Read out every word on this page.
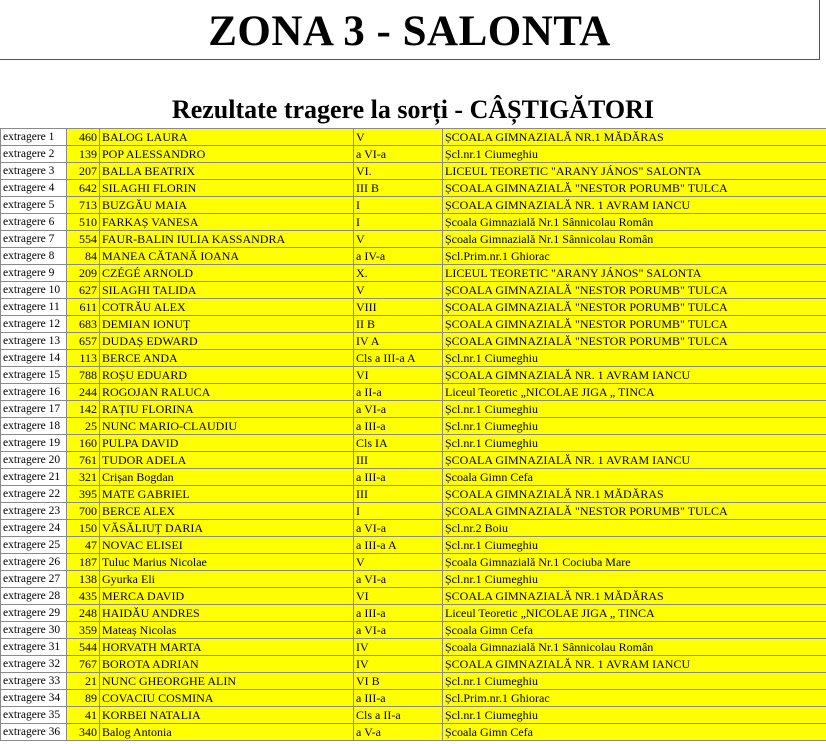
ZONA 3 - SALONTA
Rezultate tragere la sorți - CÂȘTIGĂTORI
extragere 1	460	BALOG LAURA	V	ȘCOALA GIMNAZIALĂ NR.1 MĂDĂRAS
extragere 2	139	POP ALESSANDRO	a VI-a	Șcl.nr.1 Ciumeghiu
extragere 3	207	BALLA BEATRIX	VI.	LICEUL TEORETIC "ARANY JÁNOS" SALONTA
extragere 4	642	SILAGHI FLORIN	III B	ȘCOALA GIMNAZIALĂ "NESTOR PORUMB" TULCA
extragere 5	713	BUZGĂU MAIA	I	ȘCOALA GIMNAZIALĂ NR. 1 AVRAM IANCU
extragere 6	510	FARKAȘ VANESA	I	Școala Gimnazială Nr.1 Sânnicolau Român
extragere 7	554	FAUR-BALIN IULIA KASSANDRA	V	Școala Gimnazială Nr.1 Sânnicolau Român
extragere 8	84	MANEA CĂTANĂ IOANA	a IV-a	Șcl.Prim.nr.1 Ghiorac
extragere 9	209	CZÉGÉ ARNOLD	X.	LICEUL TEORETIC "ARANY JÁNOS" SALONTA
extragere 10	627	SILAGHI TALIDA	V	ȘCOALA GIMNAZIALĂ "NESTOR PORUMB" TULCA
extragere 11	611	COTRĂU ALEX	VIII	ȘCOALA GIMNAZIALĂ "NESTOR PORUMB" TULCA
extragere 12	683	DEMIAN IONUȚ	II B	ȘCOALA GIMNAZIALĂ "NESTOR PORUMB" TULCA
extragere 13	657	DUDAȘ EDWARD	IV A	ȘCOALA GIMNAZIALĂ "NESTOR PORUMB" TULCA
extragere 14	113	BERCE ANDA	Cls a III-a A	Șcl.nr.1 Ciumeghiu
extragere 15	788	ROȘU EDUARD	VI	ȘCOALA GIMNAZIALĂ NR. 1 AVRAM IANCU
extragere 16	244	ROGOJAN RALUCA	a II-a	Liceul Teoretic „NICOLAE JIGA „ TINCA
extragere 17	142	RAȚIU FLORINA	a VI-a	Șcl.nr.1 Ciumeghiu
extragere 18	25	NUNC MARIO-CLAUDIU	a III-a	Șcl.nr.1 Ciumeghiu
extragere 19	160	PULPA DAVID	Cls IA	Șcl.nr.1 Ciumeghiu
extragere 20	761	TUDOR ADELA	III	ȘCOALA GIMNAZIALĂ NR. 1 AVRAM IANCU
extragere 21	321	Crișan Bogdan	a III-a	Școala Gimn Cefa
extragere 22	395	MATE GABRIEL	III	ȘCOALA GIMNAZIALĂ NR.1 MĂDĂRAS
extragere 23	700	BERCE ALEX	I	ȘCOALA GIMNAZIALĂ "NESTOR PORUMB" TULCA
extragere 24	150	VĂSĂLIUȚ DARIA	a VI-a	Șcl.nr.2 Boiu
extragere 25	47	NOVAC ELISEI	a III-a A	Șcl.nr.1 Ciumeghiu
extragere 26	187	Tuluc Marius Nicolae	V	Școala Gimnazială Nr.1 Cociuba Mare
extragere 27	138	Gyurka Eli	a VI-a	Șcl.nr.1 Ciumeghiu
extragere 28	435	MERCA DAVID	VI	ȘCOALA GIMNAZIALĂ NR.1 MĂDĂRAS
extragere 29	248	HAIDĂU ANDRES	a III-a	Liceul Teoretic „NICOLAE JIGA „ TINCA
extragere 30	359	Mateaș Nicolas	a VI-a	Școala Gimn Cefa
extragere 31	544	HORVATH MARTA	IV	Școala Gimnazială Nr.1 Sânnicolau Român
extragere 32	767	BOROTA ADRIAN	IV	ȘCOALA GIMNAZIALĂ NR. 1 AVRAM IANCU
extragere 33	21	NUNC GHEORGHE ALIN	VI B	Șcl.nr.1 Ciumeghiu
extragere 34	89	COVACIU COSMINA	a III-a	Șcl.Prim.nr.1 Ghiorac
extragere 35	41	KORBEI NATALIA	Cls a II-a	Șcl.nr.1 Ciumeghiu
extragere 36	340	Balog Antonia	a V-a	Școala Gimn Cefa
